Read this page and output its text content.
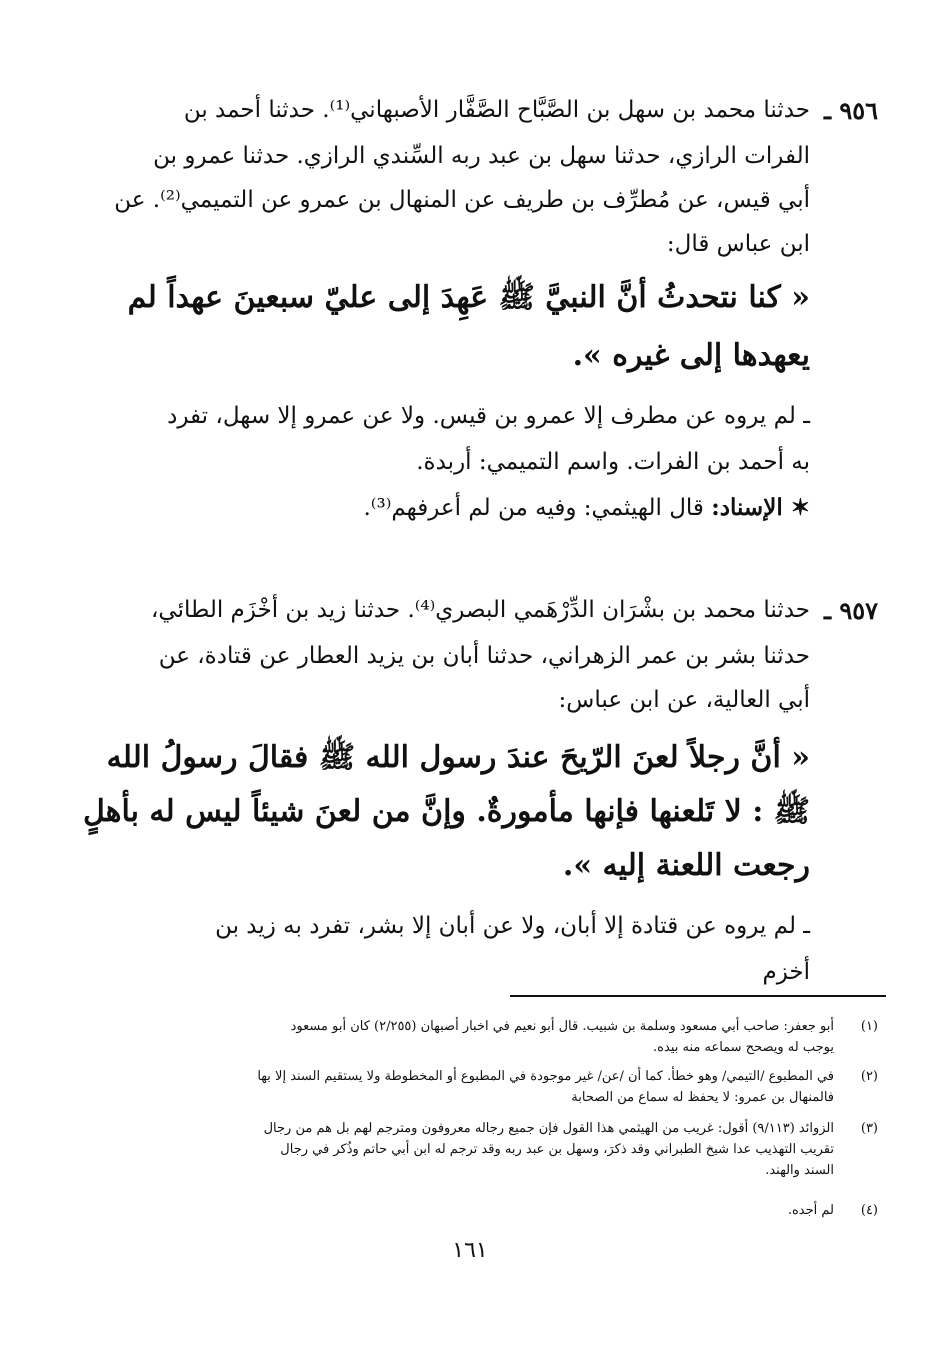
٩٥٦ ـ
حدثنا محمد بن سهل بن الصَّبَّاح الصَّفَّار الأصبهاني⁽¹⁾. حدثنا أحمد بن
الفرات الرازي، حدثنا سهل بن عبد ربه السِّندي الرازي. حدثنا عمرو بن
أبي قيس، عن مُطرِّف بن طريف عن المنهال بن عمرو عن التميمي⁽²⁾. عن
ابن عباس قال:
« كنا نتحدثُ أنَّ النبيَّ ﷺ عَهِدَ إلى عليّ سبعينَ عهداً لم
يعهدها إلى غيره ».
ـ لم يروه عن مطرف إلا عمرو بن قيس. ولا عن عمرو إلا سهل، تفرد
به أحمد بن الفرات. واسم التميمي: أربدة.
✶ الإسناد: قال الهيثمي: وفيه من لم أعرفهم⁽³⁾.
٩٥٧ ـ
حدثنا محمد بن بشْرَان الدِّرْهَمي البصري⁽⁴⁾. حدثنا زيد بن أخْزَم الطائي،
حدثنا بشر بن عمر الزهراني، حدثنا أبان بن يزيد العطار عن قتادة، عن
أبي العالية، عن ابن عباس:
« أنَّ رجلاً لعنَ الرّيحَ عندَ رسول الله ﷺ فقالَ رسولُ الله
ﷺ : لا تَلعنها فإنها مأمورةٌ. وإنَّ من لعنَ شيئاً ليس له بأهلٍ
رجعت اللعنة إليه ».
ـ لم يروه عن قتادة إلا أبان، ولا عن أبان إلا بشر، تفرد به زيد بن
أخزم
(١)
أبو جعفر: صاحب أبي مسعود وسلمة بن شبيب. قال أبو نعيم في اخبار أصبهان (٢/٢٥٥) كان أبو مسعود
يوجب له ويصحح سماعه منه بيده.
(٢)
في المطبوع /التيمي/ وهو خطأ. كما أن /عن/ غير موجودة في المطبوع أو المخطوطة ولا يستقيم السند إلا بها
فالمنهال بن عمرو: لا يحفظ له سماع من الصحابة
(٣)
الزوائد (٩/١١٣) أقول: غريب من الهيثمي هذا القول فإن جميع رجاله معروفون ومترجم لهم بل هم من رجال
تقريب التهذيب عدا شيخ الطبراني وقد ذكرَ، وسهل بن عبد ربه وقد ترجم له ابن أبي حاتم وذُكر في رجال
السند والهند.
(٤)
لم أجده.
١٦١
